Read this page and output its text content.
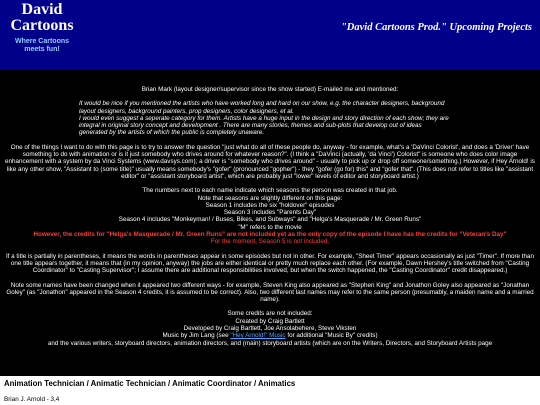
David
Cartoons
Where Cartoons meets fun!
"David Cartoons Prod." Upcoming Projects

Brian Mark (layout designer/supervisor since the show started) E-mailed me and mentioned:

It would be nice if you mentioned the artists who have worked long and hard on our show, e.g. the character designers, background layout designers, background painters, prop designers, color designers, et al.

I would even suggest a seperate category for them. Artists have a huge input in the design and story direction of each show; they are integral in original story concept and development . There are many stories, themes and sub-plots that develop out of ideas generated by the artists of which the public is completely unaware.

One of the things I want to do with this page is to try to answer the question "just what do all of these people do, anyway - for example, what's a 'DaVinci Colorist', and does a 'Driver' have something to do with animation or is it just somebody who drives around for whatever reason?". (I think a "DaVinci (actually, 'da Vinci') Colorist" is someone who does color image enhancement with a system by da Vinci Systems (www.davsys.com); a driver is "somebody who drives around" - usually to pick up or drop off someone/something.) However, if Hey Arnold! is like any other show, "Assistant to (some title)" usually means somebody's "gofer" (pronounced "gopher") - they "gofer (go for) this" and "gofer that". (This does not refer to titles like "assistant editor" or "assistant storyboard artist", which are probably just "lower" levels of editor and storyboard artist.)

The numbers next to each name indicate which seasons the person was created in that job.

Note that seasons are slightly different on this page:

Season 1 includes the six "holdover" episodes

Season 3 includes "Parents Day"

Season 4 includes "Monkeyman! / Buses, Bikes, and Subways" and "Helga's Masquerade / Mr. Green Runs"

"M" refers to the movie

However, the credits for "Helga's Masquerade / Mr. Green Runs" are not included yet as the only copy of the episode I have has the credits for "Veteran's Day"

For the moment, Season 5 is not included.

If a title is partially in parentheses, it means the words in parentheses appear in some episodes but not in other. For example, "Sheet Timer" appears occasionally as just "Timer". If more than one title appears together, it means that (in my opinion, anyway) the jobs are either identical or pretty much replace each other. (For example, Dawn Hershey's title switched from "Casting Coordinator" to "Casting Supervisor"; I assume there are additional responsibilities involved, but when the switch happened, the "Casting Coordinator" credit disappeared.)

Note some names have been changed when it appeared two different ways - for example, Steven King also appeared as "Stephen King" and Jonathon Goley also appeared as "Jonathan Goley" (as "Jonathon" appeared in the Season 4 credits, it is assumed to be correct). Also, two different last names may refer to the same person (presumably, a maiden name and a married name).

Some credits are not included:

Created by Craig Bartlett

Developed by Craig Bartlett, Joe Ansolabehere, Steve Viksten

Music by Jim Lang (see "Hey Arnold!" Music for additional "Music By" credits)

and the various writers, storyboard directors, animation directors, and (main) storyboard artists (which are on the Writers, Directors, and Storyboard Artists page

Animation Technician / Animatic Technician / Animatic Coordinator / Animatics
Brian J. Arnold - 3,4
